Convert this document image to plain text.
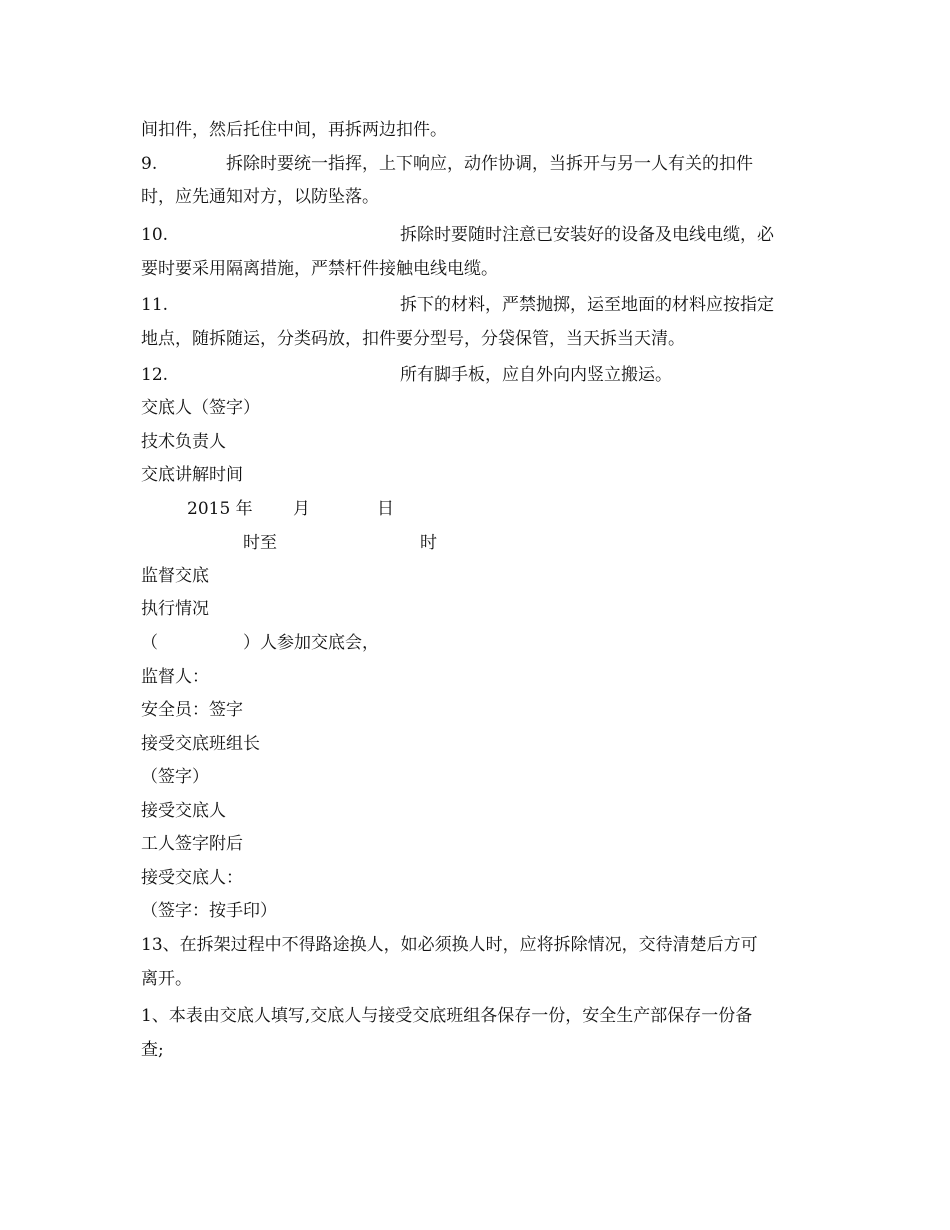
间扣件，然后托住中间，再拆两边扣件。
9.	拆除时要统一指挥，上下响应，动作协调，当拆开与另一人有关的扣件
时，应先通知对方，以防坠落。
10.	拆除时要随时注意已安装好的设备及电线电缆，必
要时要采用隔离措施，严禁杆件接触电线电缆。
11.	拆下的材料，严禁抛掷，运至地面的材料应按指定
地点，随拆随运，分类码放，扣件要分型号，分袋保管，当天拆当天清。
12.	所有脚手板，应自外向内竖立搬运。
交底人（签字）
技术负责人
交底讲解时间
2015 年 月	日
时至	时
监督交底
执行情况
（	）人参加交底会，
监督人：
安全员：签字
接受交底班组长
（签字）
接受交底人
工人签字附后
接受交底人：
（签字：按手印）
13、在拆架过程中不得路途换人，如必须换人时，应将拆除情况，交待清楚后方可
离开。
1、本表由交底人填写,交底人与接受交底班组各保存一份，安全生产部保存一份备
查;
